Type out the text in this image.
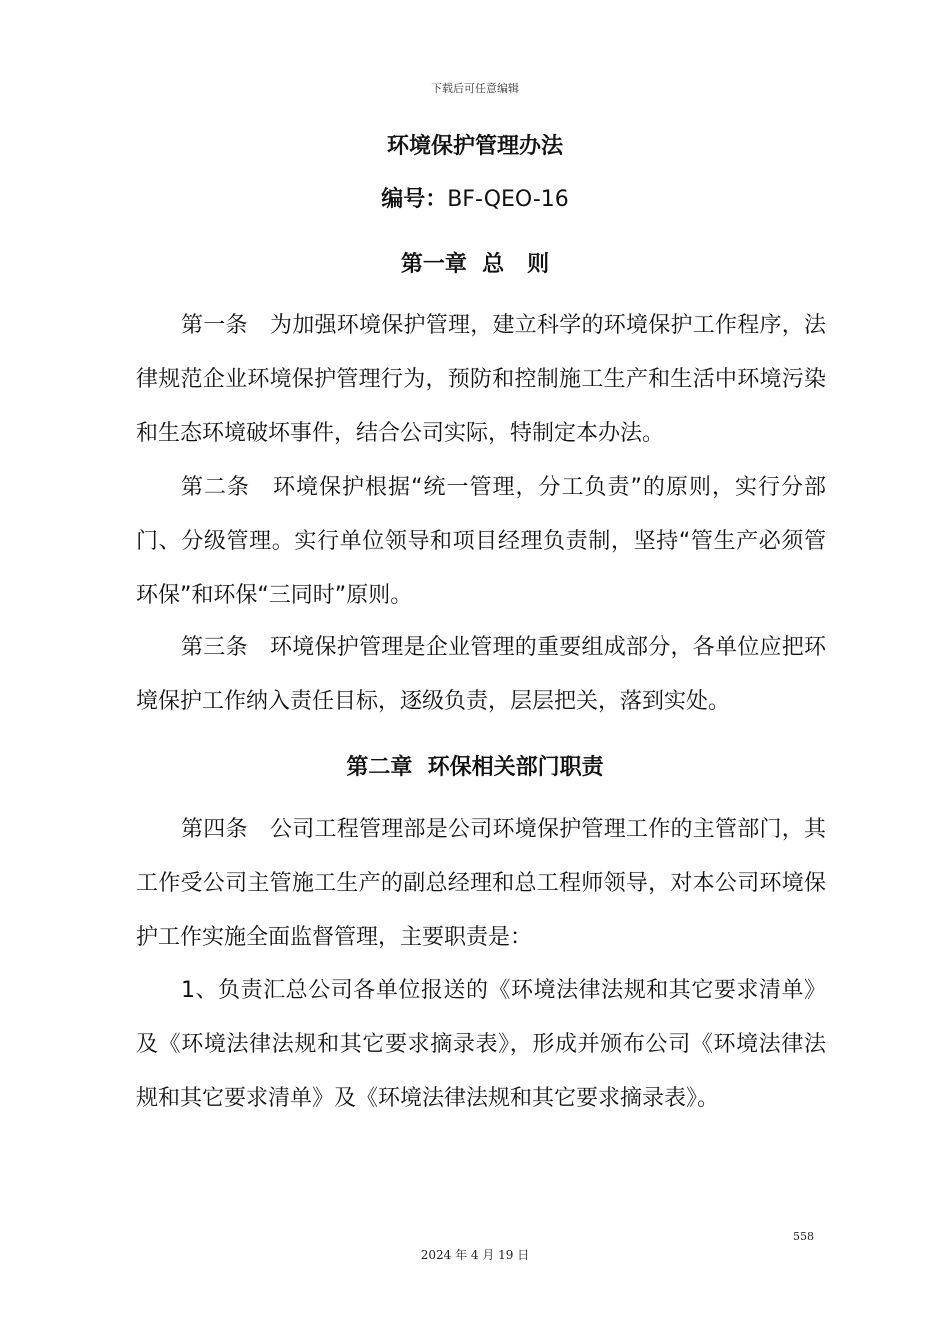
下载后可任意编辑
环境保护管理办法
编号：BF-QEO-16
第一章  总   则

第一条　为加强环境保护管理，建立科学的环境保护工作程序，法律规范企业环境保护管理行为，预防和控制施工生产和生活中环境污染和生态环境破坏事件，结合公司实际，特制定本办法。

第二条　环境保护根据“统一管理，分工负责”的原则，实行分部门、分级管理。实行单位领导和项目经理负责制，坚持“管生产必须管环保”和环保“三同时”原则。

第三条　环境保护管理是企业管理的重要组成部分，各单位应把环境保护工作纳入责任目标，逐级负责，层层把关，落到实处。

第二章  环保相关部门职责

第四条　公司工程管理部是公司环境保护管理工作的主管部门，其工作受公司主管施工生产的副总经理和总工程师领导，对本公司环境保护工作实施全面监督管理，主要职责是：

1、负责汇总公司各单位报送的《环境法律法规和其它要求清单》及《环境法律法规和其它要求摘录表》，形成并颁布公司《环境法律法规和其它要求清单》及《环境法律法规和其它要求摘录表》。

558
2024 年 4 月 19 日
